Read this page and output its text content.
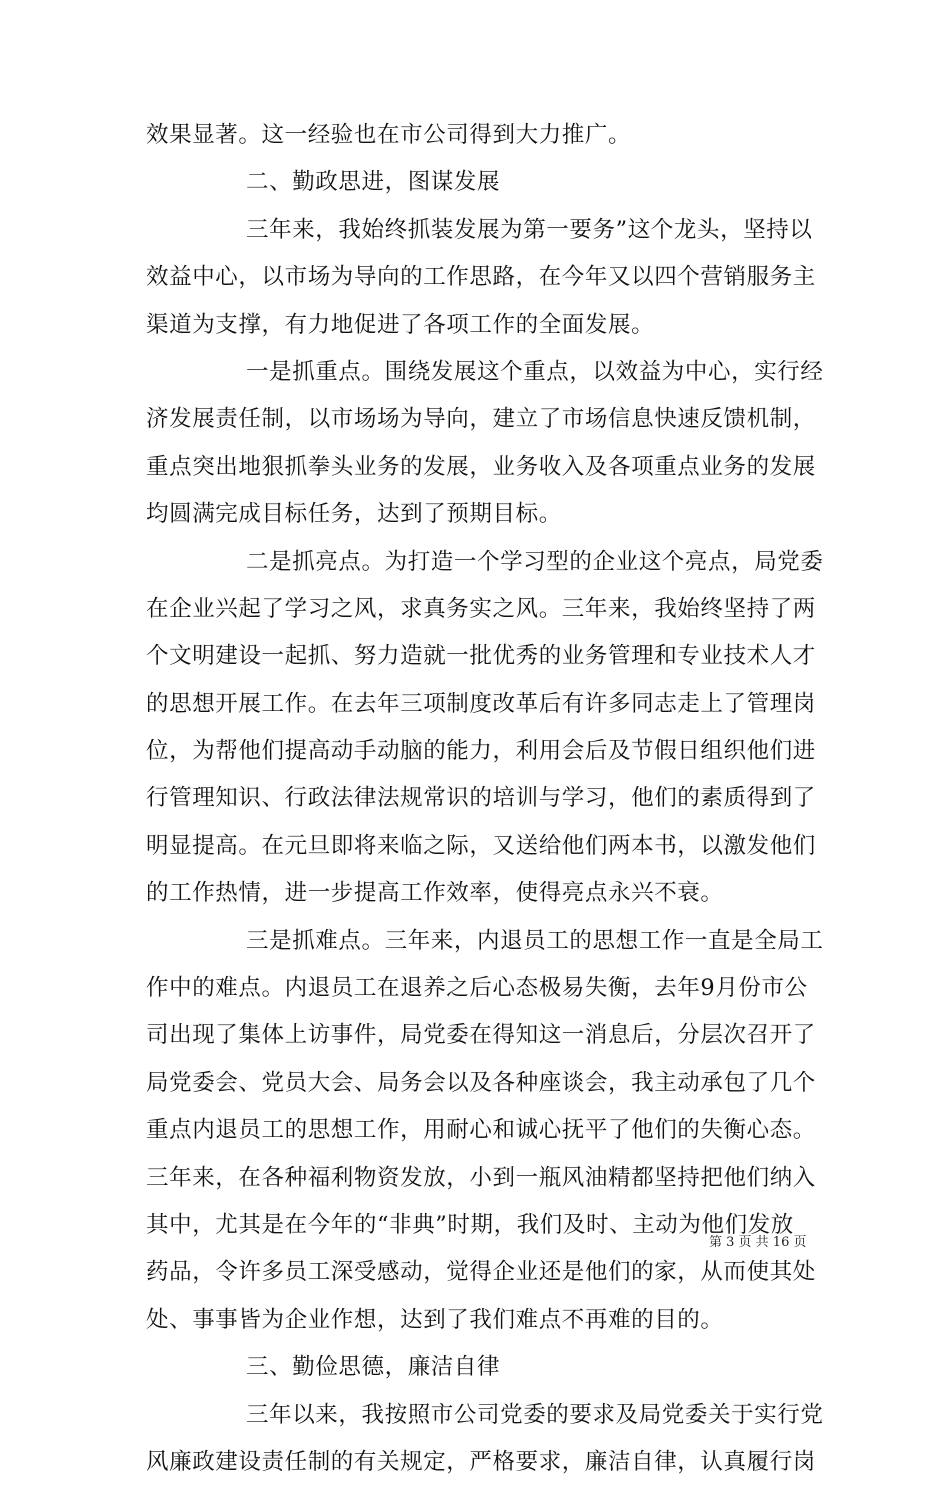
效果显著。这一经验也在市公司得到大力推广。
二、勤政思进，图谋发展
三年来，我始终抓装发展为第一要务”这个龙头，坚持以
效益中心，以市场为导向的工作思路，在今年又以四个营销服务主
渠道为支撑，有力地促进了各项工作的全面发展。
一是抓重点。围绕发展这个重点，以效益为中心，实行经
济发展责任制，以市场场为导向，建立了市场信息快速反馈机制，
重点突出地狠抓拳头业务的发展，业务收入及各项重点业务的发展
均圆满完成目标任务，达到了预期目标。
二是抓亮点。为打造一个学习型的企业这个亮点，局党委
在企业兴起了学习之风，求真务实之风。三年来，我始终坚持了两
个文明建设一起抓、努力造就一批优秀的业务管理和专业技术人才
的思想开展工作。在去年三项制度改革后有许多同志走上了管理岗
位，为帮他们提高动手动脑的能力，利用会后及节假日组织他们进
行管理知识、行政法律法规常识的培训与学习，他们的素质得到了
明显提高。在元旦即将来临之际，又送给他们两本书，以激发他们
的工作热情，进一步提高工作效率，使得亮点永兴不衰。
三是抓难点。三年来，内退员工的思想工作一直是全局工
作中的难点。内退员工在退养之后心态极易失衡，去年9月份市公
司出现了集体上访事件，局党委在得知这一消息后，分层次召开了
局党委会、党员大会、局务会以及各种座谈会，我主动承包了几个
重点内退员工的思想工作，用耐心和诚心抚平了他们的失衡心态。
三年来，在各种福利物资发放，小到一瓶风油精都坚持把他们纳入
其中，尤其是在今年的“非典”时期，我们及时、主动为他们发放
药品，令许多员工深受感动，觉得企业还是他们的家，从而使其处
处、事事皆为企业作想，达到了我们难点不再难的目的。
三、勤俭思德，廉洁自律
三年以来，我按照市公司党委的要求及局党委关于实行党
风廉政建设责任制的有关规定，严格要求，廉洁自律，认真履行岗
第 3 页 共 16 页
